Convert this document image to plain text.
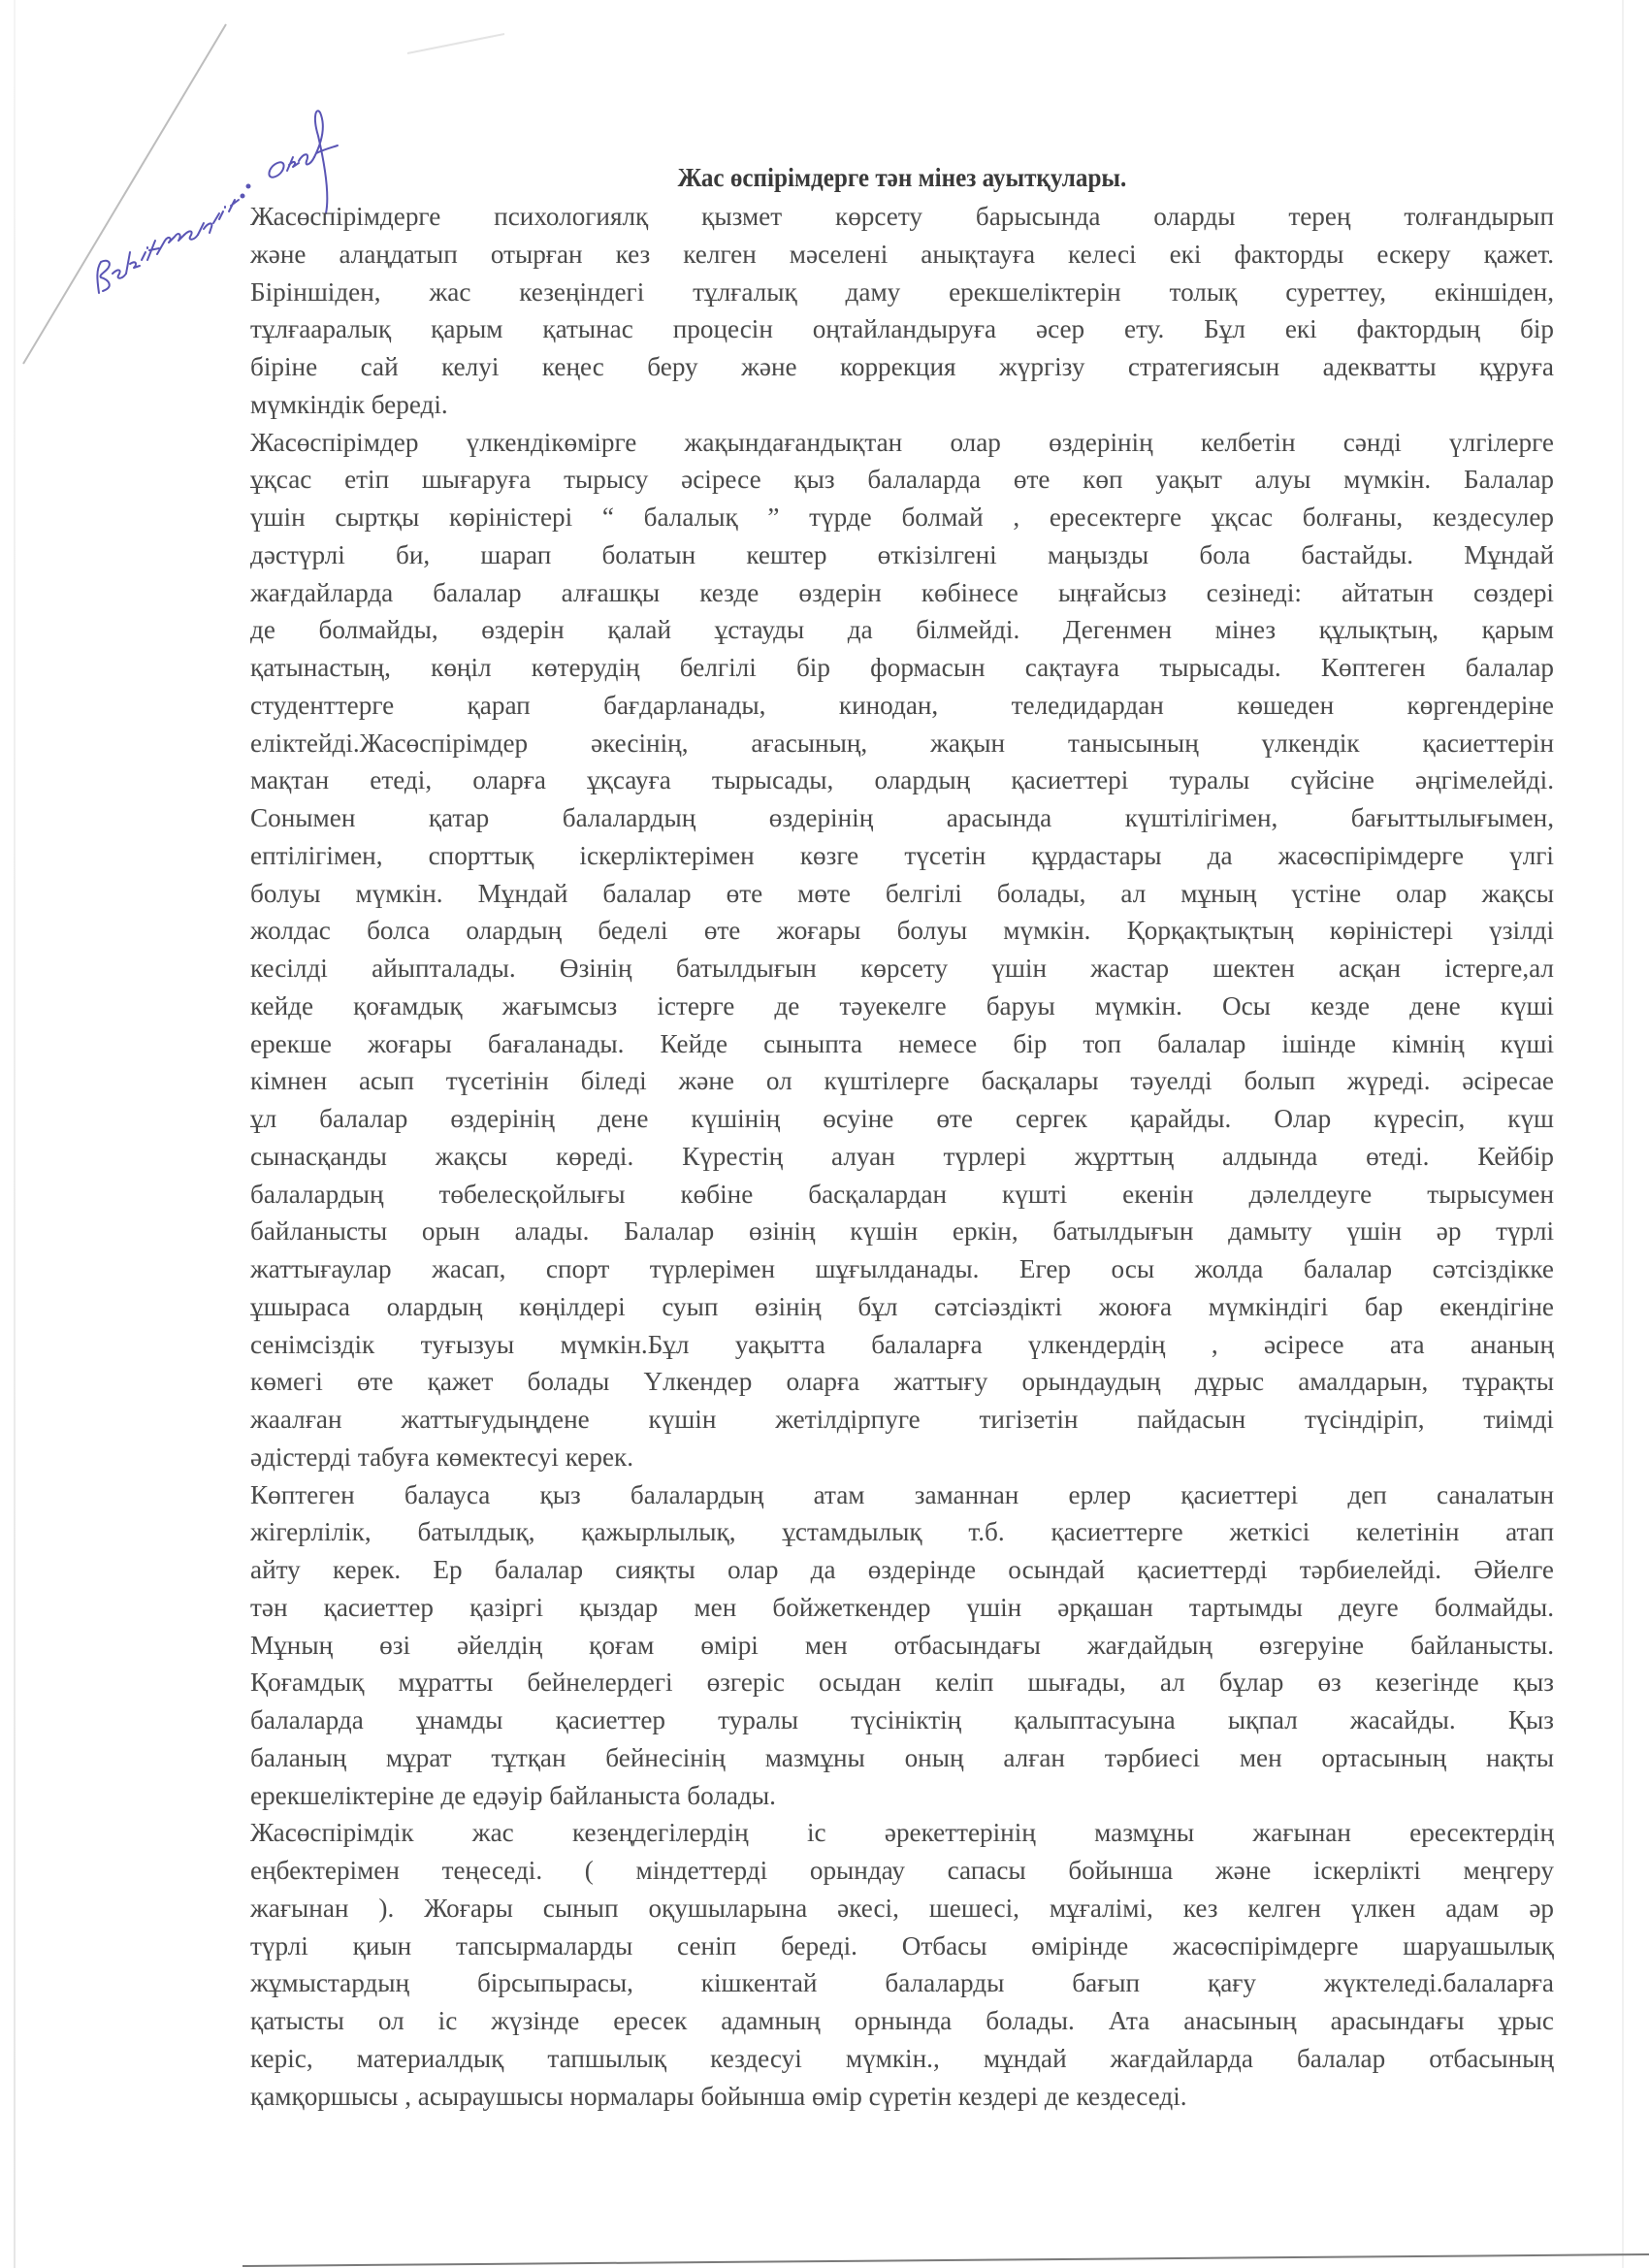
Жас өспірімдерге тән мінез ауытқулары.
Жасөспірімдерге психологиялқ қызмет көрсету барысында оларды терең толғандырып
және алаңдатып отырған кез келген мәселені анықтауға келесі екі факторды ескеру қажет.
Біріншіден, жас кезеңіндегі тұлғалық даму ерекшеліктерін толық суреттеу, екіншіден,
тұлғааралық қарым қатынас процесін оңтайландыруға әсер ету. Бұл екі фактордың бір
біріне сай келуі кеңес беру және коррекция жүргізу стратегиясын адекватты құруға
мүмкіндік береді.
Жасөспірімдер үлкендікөмірге жақындағандықтан олар өздерінің келбетін сәнді үлгілерге
ұқсас етіп шығаруға тырысу әсіресе қыз балаларда өте көп уақыт алуы мүмкін. Балалар
үшін сыртқы көріністері “ балалық ” түрде болмай , ересектерге ұқсас болғаны, кездесулер
дәстүрлі би, шарап болатын кештер өткізілгені маңызды бола бастайды. Мұндай
жағдайларда балалар алғашқы кезде өздерін көбінесе ыңғайсыз сезінеді: айтатын сөздері
де болмайды, өздерін қалай ұстауды да білмейді. Дегенмен мінез құлықтың, қарым
қатынастың, көңіл көтерудің белгілі бір формасын сақтауға тырысады. Көптеген балалар
студенттерге қарап бағдарланады, кинодан, теледидардан көшеден көргендеріне
еліктейді.Жасөспірімдер әкесінің, ағасының, жақын танысының үлкендік қасиеттерін
мақтан етеді, оларға ұқсауға тырысады, олардың қасиеттері туралы сүйсіне әңгімелейді.
Сонымен қатар балалардың өздерінің арасында күштілігімен, бағыттылығымен,
ептілігімен, спорттық іскерліктерімен көзге түсетін құрдастары да жасөспірімдерге үлгі
болуы мүмкін. Мұндай балалар өте мөте белгілі болады, ал мұның үстіне олар жақсы
жолдас болса олардың беделі өте жоғары болуы мүмкін. Қорқақтықтың көріністері үзілді
кесілді айыпталады. Өзінің батылдығын көрсету үшін жастар шектен асқан істерге,ал
кейде қоғамдық жағымсыз істерге де тәуекелге баруы мүмкін. Осы кезде дене күші
ерекше жоғары бағаланады. Кейде сыныпта немесе бір топ балалар ішінде кімнің күші
кімнен асып түсетінін біледі және ол күштілерге басқалары тәуелді болып жүреді. әсіресае
ұл балалар өздерінің дене күшінің өсуіне өте сергек қарайды. Олар күресіп, күш
сынасқанды жақсы көреді. Күрестің алуан түрлері жұрттың алдында өтеді. Кейбір
балалардың төбелесқойлығы көбіне басқалардан күшті екенін дәлелдеуге тырысумен
байланысты орын алады. Балалар өзінің күшін еркін, батылдығын дамыту үшін әр түрлі
жаттығаулар жасап, спорт түрлерімен шұғылданады. Егер осы жолда балалар сәтсіздікке
ұшыраса олардың көңілдері суып өзінің бұл сәтсіәздікті жоюға мүмкіндігі бар екендігіне
сенімсіздік туғызуы мүмкін.Бұл уақытта балаларға үлкендердің , әсіресе ата ананың
көмегі өте қажет болады Үлкендер оларға жаттығу орындаудың дұрыс амалдарын, тұрақты
жаалған жаттығудыңдене күшін жетілдірпуге тигізетін пайдасын түсіндіріп, тиімді
әдістерді табуға көмектесуі керек.
Көптеген балауса қыз балалардың атам заманнан ерлер қасиеттері деп саналатын
жігерлілік, батылдық, қажырлылық, ұстамдылық т.б. қасиеттерге жеткісі келетінін атап
айту керек. Ер балалар сияқты олар да өздерінде осындай қасиеттерді тәрбиелейді. Әйелге
тән қасиеттер қазіргі қыздар мен бойжеткендер үшін әрқашан тартымды деуге болмайды.
Мұның өзі әйелдің қоғам өмірі мен отбасындағы жағдайдың өзгеруіне байланысты.
Қоғамдық мұратты бейнелердегі өзгеріс осыдан келіп шығады, ал бұлар өз кезегінде қыз
балаларда ұнамды қасиеттер туралы түсініктің қалыптасуына ықпал жасайды. Қыз
баланың мұрат тұтқан бейнесінің мазмұны оның алған тәрбиесі мен ортасының нақты
ерекшеліктеріне де едәуір байланыста болады.
Жасөспірімдік жас кезеңдегілердің іс әрекеттерінің мазмұны жағынан ересектердің
еңбектерімен теңеседі. ( міндеттерді орындау сапасы бойынша және іскерлікті меңгеру
жағынан ). Жоғары сынып оқушыларына әкесі, шешесі, мұғалімі, кез келген үлкен адам әр
түрлі қиын тапсырмаларды сеніп береді. Отбасы өмірінде жасөспірімдерге шаруашылық
жұмыстардың бірсыпырасы, кішкентай балаларды бағып қағу жүктеледі.балаларға
қатысты ол іс жүзінде ересек адамның орнында болады. Ата анасының арасындағы ұрыс
керіс, материалдық тапшылық кездесуі мүмкін., мұндай жағдайларда балалар отбасының
қамқоршысы , асыраушысы нормалары бойынша өмір сүретін кездері де кездеседі.
